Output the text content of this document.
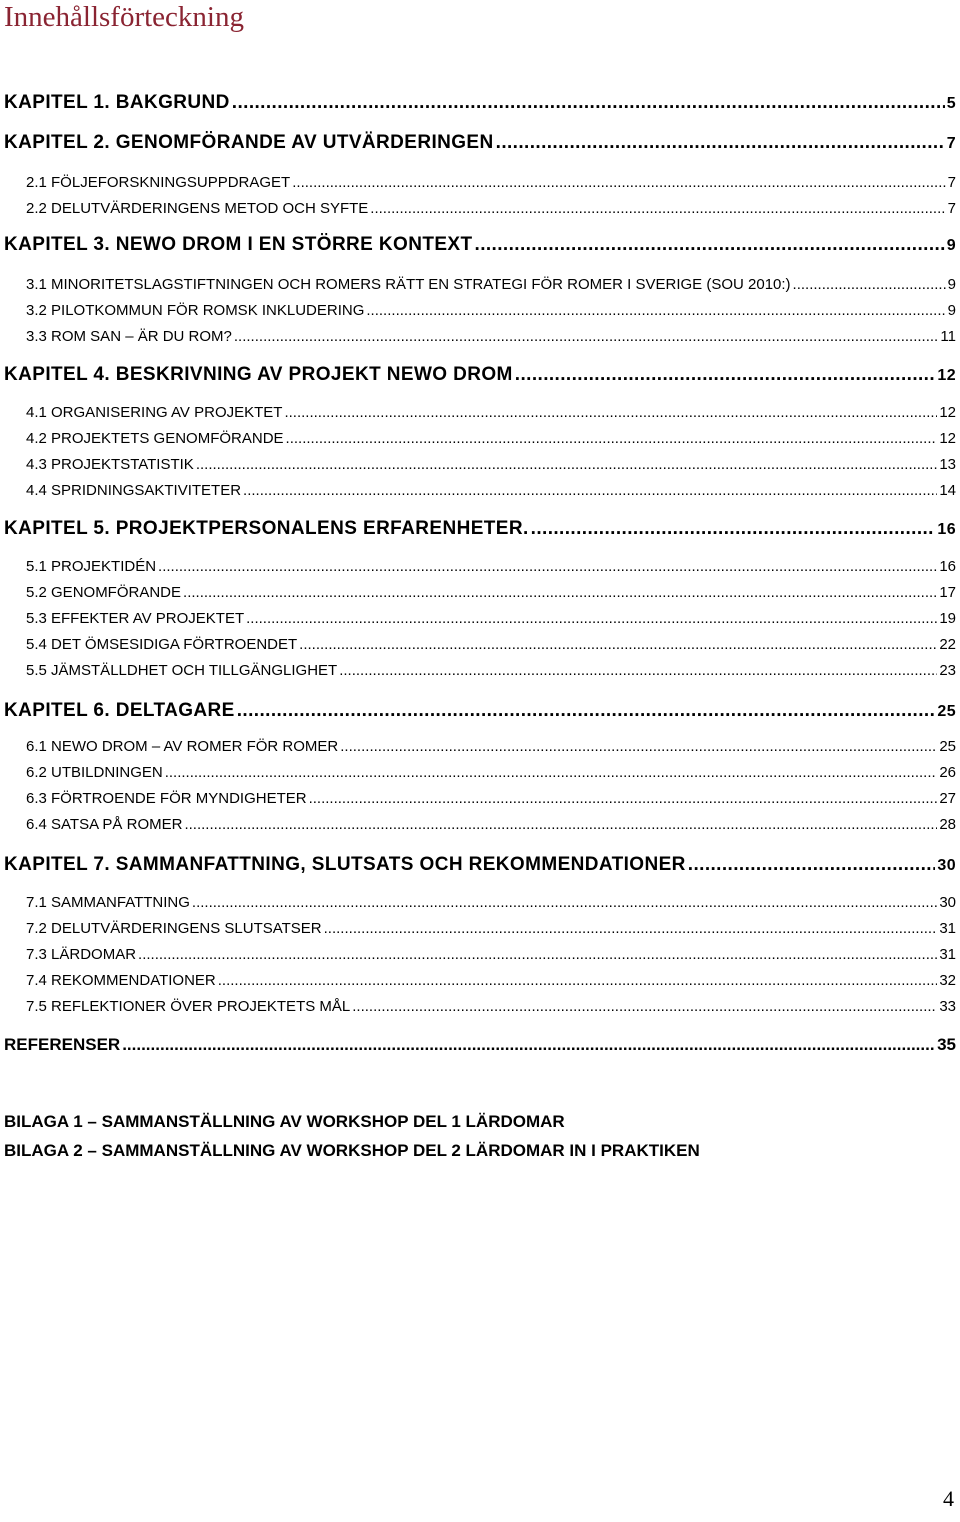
Innehållsförteckning
KAPITEL 1. BAKGRUND .....	5
KAPITEL 2. GENOMFÖRANDE AV UTVÄRDERINGEN .....	7
2.1 FÖLJEFORSKNINGSUPPDRAGET .....	7
2.2 DELUTVÄRDERINGENS METOD OCH SYFTE .....	7
KAPITEL 3. NEWO DROM I EN STÖRRE KONTEXT .....	9
3.1 MINORITETSLAGSTIFTNINGEN OCH ROMERS RÄTT EN STRATEGI FÖR ROMER I SVERIGE (SOU 2010:) .....	9
3.2 PILOTKOMMUN FÖR ROMSK INKLUDERING .....	9
3.3 ROM SAN – ÄR DU ROM? .....	11
KAPITEL 4. BESKRIVNING AV PROJEKT NEWO DROM .....	12
4.1 ORGANISERING AV PROJEKTET .....	12
4.2 PROJEKTETS GENOMFÖRANDE .....	12
4.3 PROJEKTSTATISTIK .....	13
4.4 SPRIDNINGSAKTIVITETER .....	14
KAPITEL 5. PROJEKTPERSONALENS ERFARENHETER. .....	16
5.1 PROJEKTIDÉN .....	16
5.2 GENOMFÖRANDE .....	17
5.3 EFFEKTER AV PROJEKTET .....	19
5.4 DET ÖMSESIDIGA FÖRTROENDET .....	22
5.5 JÄMSTÄLLDHET OCH TILLGÄNGLIGHET .....	23
KAPITEL 6. DELTAGARE .....	25
6.1 NEWO DROM – AV ROMER FÖR ROMER .....	25
6.2 UTBILDNINGEN .....	26
6.3 FÖRTROENDE FÖR MYNDIGHETER .....	27
6.4 SATSA PÅ ROMER .....	28
KAPITEL 7. SAMMANFATTNING, SLUTSATS OCH REKOMMENDATIONER .....	30
7.1 SAMMANFATTNING .....	30
7.2 DELUTVÄRDERINGENS SLUTSATSER .....	31
7.3 LÄRDOMAR .....	31
7.4 REKOMMENDATIONER .....	32
7.5 REFLEKTIONER ÖVER PROJEKTETS MÅL .....	33
REFERENSER .....	35
BILAGA 1 – SAMMANSTÄLLNING AV WORKSHOP DEL 1 LÄRDOMAR
BILAGA 2 – SAMMANSTÄLLNING AV WORKSHOP DEL 2 LÄRDOMAR IN I PRAKTIKEN
4
